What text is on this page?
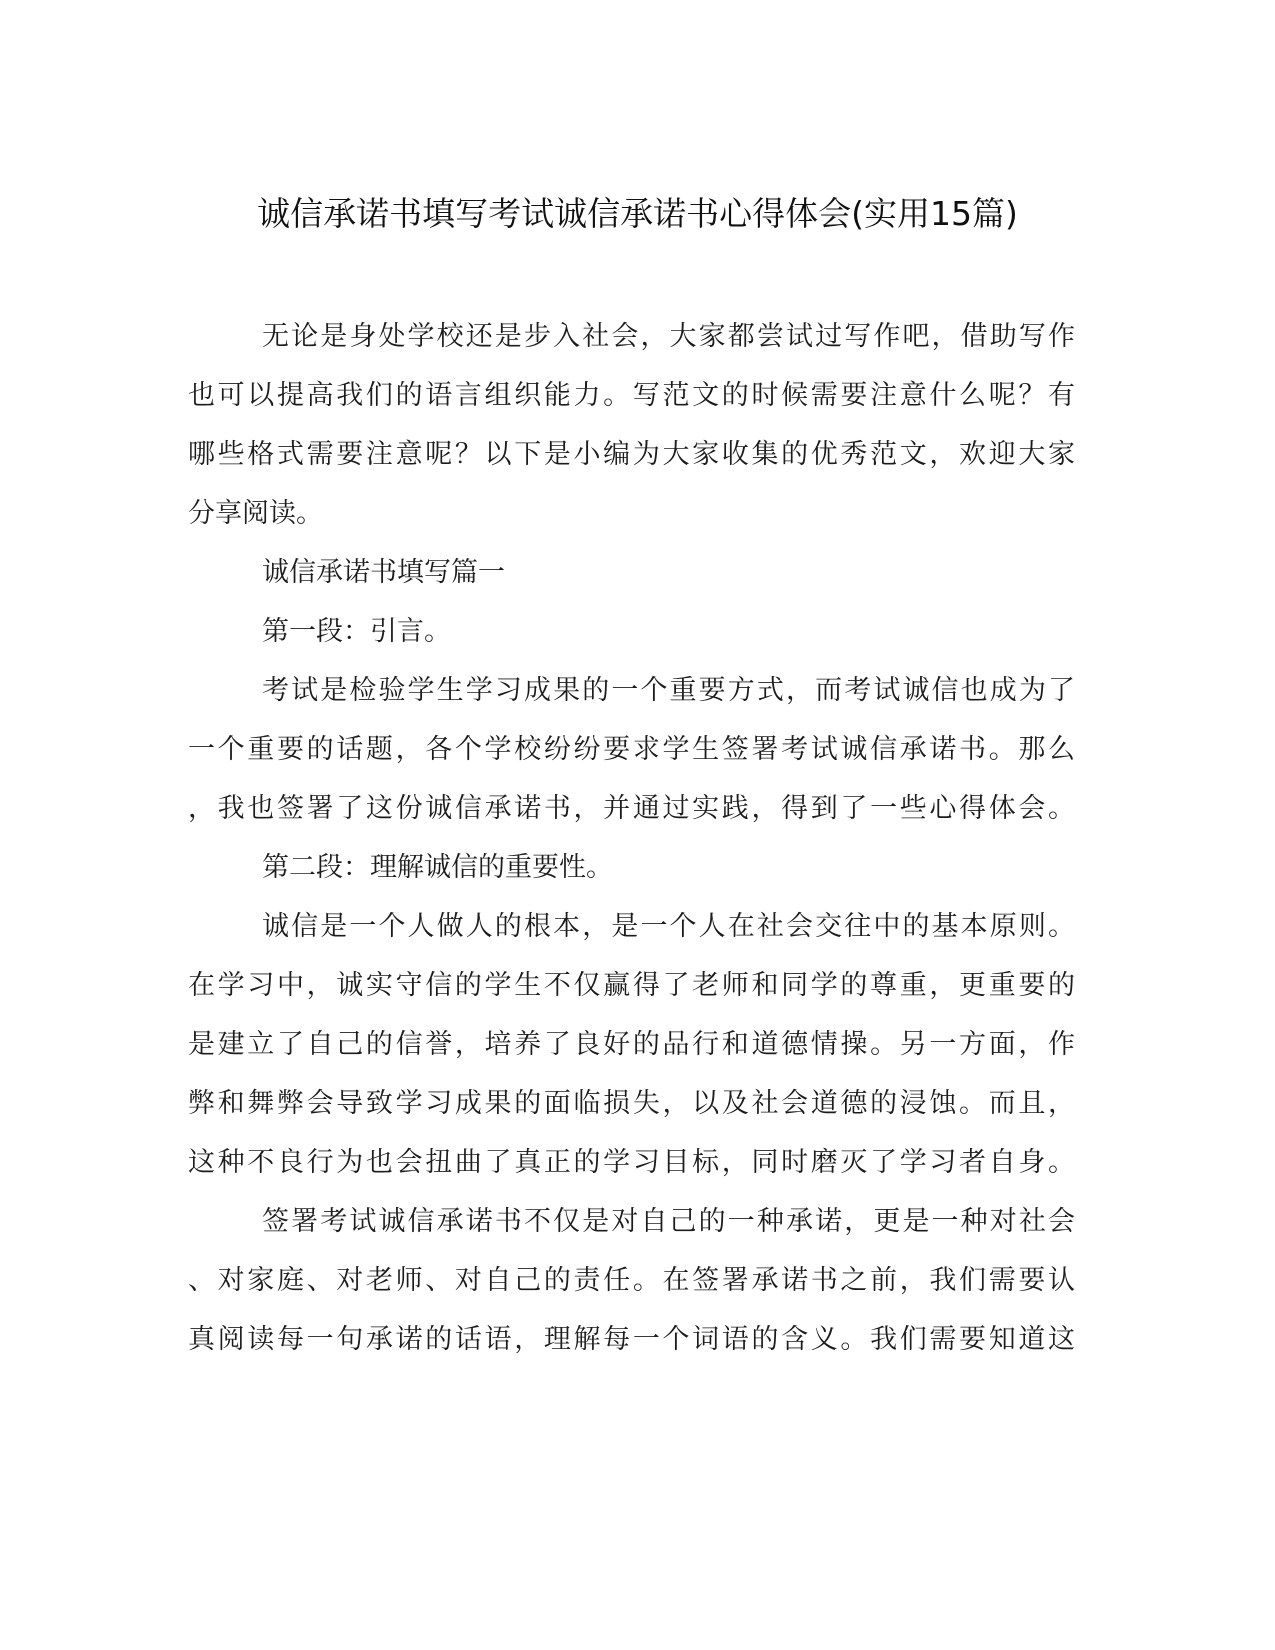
诚信承诺书填写考试诚信承诺书心得体会(实用15篇)
无论是身处学校还是步入社会，大家都尝试过写作吧，借助写作
也可以提高我们的语言组织能力。写范文的时候需要注意什么呢？有
哪些格式需要注意呢？以下是小编为大家收集的优秀范文，欢迎大家
分享阅读。
诚信承诺书填写篇一
第一段：引言。
考试是检验学生学习成果的一个重要方式，而考试诚信也成为了
一个重要的话题，各个学校纷纷要求学生签署考试诚信承诺书。那么
，我也签署了这份诚信承诺书，并通过实践，得到了一些心得体会。
第二段：理解诚信的重要性。
诚信是一个人做人的根本，是一个人在社会交往中的基本原则。
在学习中，诚实守信的学生不仅赢得了老师和同学的尊重，更重要的
是建立了自己的信誉，培养了良好的品行和道德情操。另一方面，作
弊和舞弊会导致学习成果的面临损失，以及社会道德的浸蚀。而且，
这种不良行为也会扭曲了真正的学习目标，同时磨灭了学习者自身。
签署考试诚信承诺书不仅是对自己的一种承诺，更是一种对社会
、对家庭、对老师、对自己的责任。在签署承诺书之前，我们需要认
真阅读每一句承诺的话语，理解每一个词语的含义。我们需要知道这
